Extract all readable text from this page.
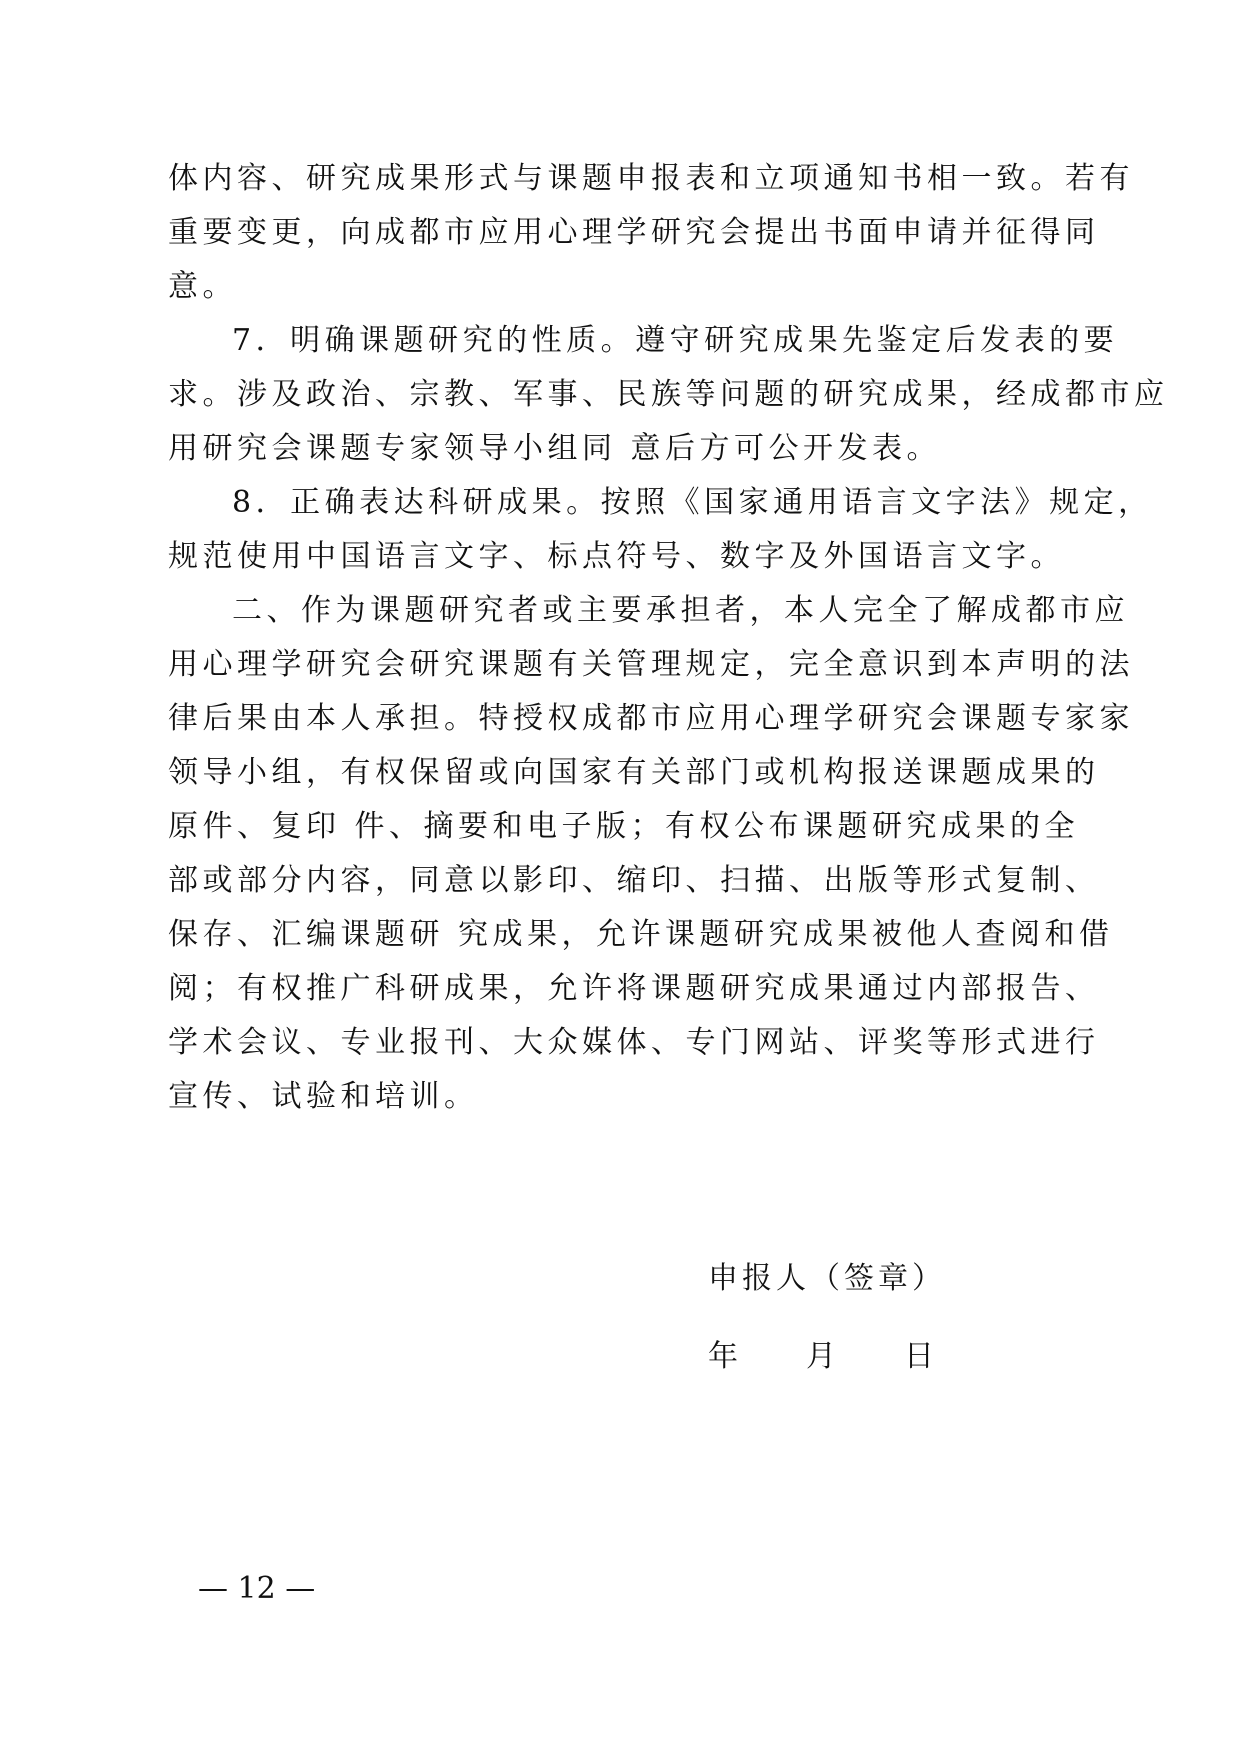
体内容、研究成果形式与课题申报表和立项通知书相一致。若有

重要变更，向成都市应用心理学研究会提出书面申请并征得同

意。

7．明确课题研究的性质。遵守研究成果先鉴定后发表的要

求。涉及政治、宗教、军事、民族等问题的研究成果，经成都市应

用研究会课题专家领导小组同 意后方可公开发表。

8．正确表达科研成果。按照《国家通用语言文字法》规定，

规范使用中国语言文字、标点符号、数字及外国语言文字。

二、作为课题研究者或主要承担者，本人完全了解成都市应

用心理学研究会研究课题有关管理规定，完全意识到本声明的法

律后果由本人承担。特授权成都市应用心理学研究会课题专家家

领导小组，有权保留或向国家有关部门或机构报送课题成果的

原件、复印 件、摘要和电子版；有权公布课题研究成果的全

部或部分内容，同意以影印、缩印、扫描、出版等形式复制、

保存、汇编课题研 究成果，允许课题研究成果被他人查阅和借

阅；有权推广科研成果，允许将课题研究成果通过内部报告、

学术会议、专业报刊、大众媒体、专门网站、评奖等形式进行

宣传、试验和培训。

申报人（签章）
年 月 日
— 12 —
